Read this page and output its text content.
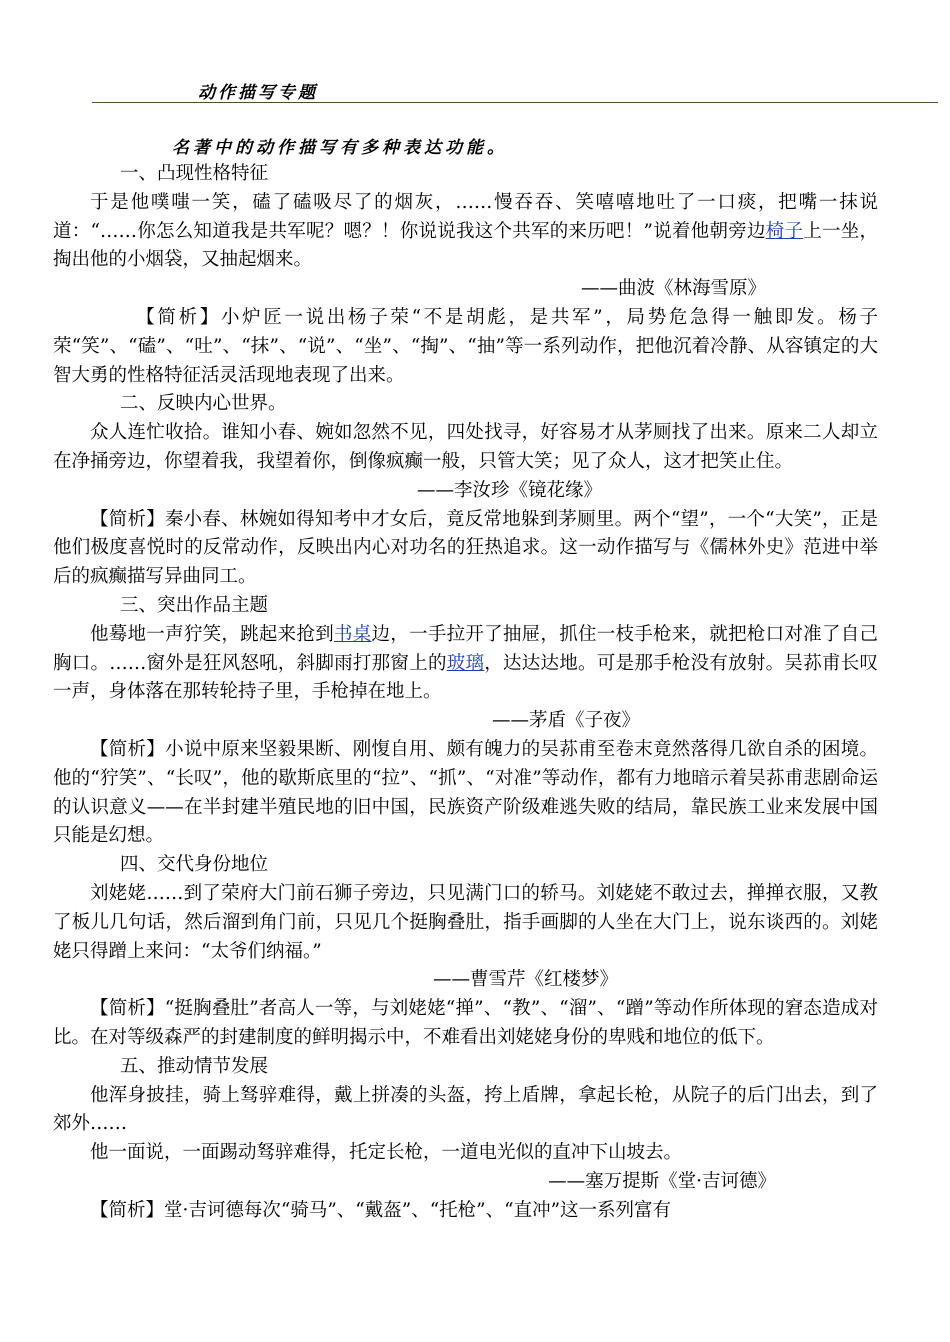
动作描写专题
名著中的动作描写有多种表达功能。

一、凸现性格特征

于是他噗嗤一笑，磕了磕吸尽了的烟灰，……慢吞吞、笑嘻嘻地吐了一口痰，把嘴一抹说道：“……你怎么知道我是共军呢？嗯？！你说说我这个共军的来历吧！”说着他朝旁边椅子上一坐，掏出他的小烟袋，又抽起烟来。

——曲波《林海雪原》

【简析】小炉匠一说出杨子荣“不是胡彪，是共军”，局势危急得一触即发。杨子荣“笑”、“磕”、“吐”、“抹”、“说”、“坐”、“掏”、“抽”等一系列动作，把他沉着冷静、从容镇定的大智大勇的性格特征活灵活现地表现了出来。

二、反映内心世界。

众人连忙收拾。谁知小春、婉如忽然不见，四处找寻，好容易才从茅厕找了出来。原来二人却立在净捅旁边，你望着我，我望着你，倒像疯癫一般，只管大笑；见了众人，这才把笑止住。

——李汝珍《镜花缘》

【简析】秦小春、林婉如得知考中才女后，竟反常地躲到茅厕里。两个“望”，一个“大笑”，正是他们极度喜悦时的反常动作，反映出内心对功名的狂热追求。这一动作描写与《儒林外史》范进中举后的疯癫描写异曲同工。

三、突出作品主题

他蓦地一声狞笑，跳起来抢到书桌边，一手拉开了抽屉，抓住一枝手枪来，就把枪口对准了自己胸口。……窗外是狂风怒吼，斜脚雨打那窗上的玻璃，达达达地。可是那手枪没有放射。吴荪甫长叹一声，身体落在那转轮持子里，手枪掉在地上。

——茅盾《子夜》

【简析】小说中原来坚毅果断、刚愎自用、颇有魄力的吴荪甫至卷末竟然落得几欲自杀的困境。他的“狞笑”、“长叹”，他的歇斯底里的“拉”、“抓”、“对准”等动作，都有力地暗示着吴荪甫悲剧命运的认识意义——在半封建半殖民地的旧中国，民族资产阶级难逃失败的结局，靠民族工业来发展中国只能是幻想。

四、交代身份地位

刘姥姥……到了荣府大门前石狮子旁边，只见满门口的轿马。刘姥姥不敢过去，掸掸衣服，又教了板儿几句话，然后溜到角门前，只见几个挺胸叠肚，指手画脚的人坐在大门上，说东谈西的。刘姥姥只得蹭上来问：“太爷们纳福。”

——曹雪芹《红楼梦》

【简析】“挺胸叠肚”者高人一等，与刘姥姥“掸”、“教”、“溜”、“蹭”等动作所体现的窘态造成对比。在对等级森严的封建制度的鲜明揭示中，不难看出刘姥姥身份的卑贱和地位的低下。

五、推动情节发展

他浑身披挂，骑上驽骍难得，戴上拼凑的头盔，挎上盾牌，拿起长枪，从院子的后门出去，到了郊外……

他一面说，一面踢动驽骍难得，托定长枪，一道电光似的直冲下山坡去。

——塞万提斯《堂·吉诃德》

【简析】堂·吉诃德每次“骑马”、“戴盔”、“托枪”、“直冲”这一系列富有
